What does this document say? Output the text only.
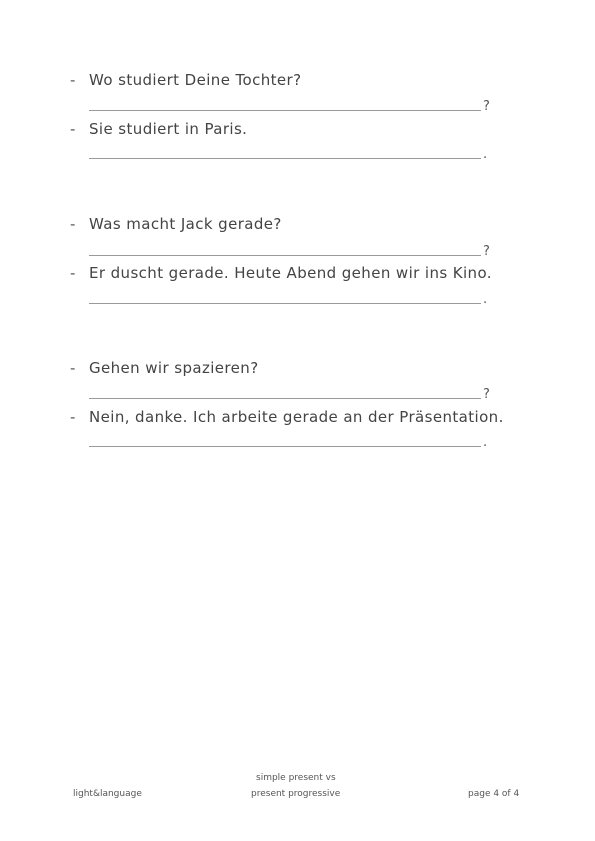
- Wo studiert Deine Tochter?
?
- Sie studiert in Paris.
.
- Was macht Jack gerade?
?
- Er duscht gerade. Heute Abend gehen wir ins Kino.
.
- Gehen wir spazieren?
?
- Nein, danke. Ich arbeite gerade an der Präsentation.
.
light&language
simple present vs
present progressive	page 4 of 4
